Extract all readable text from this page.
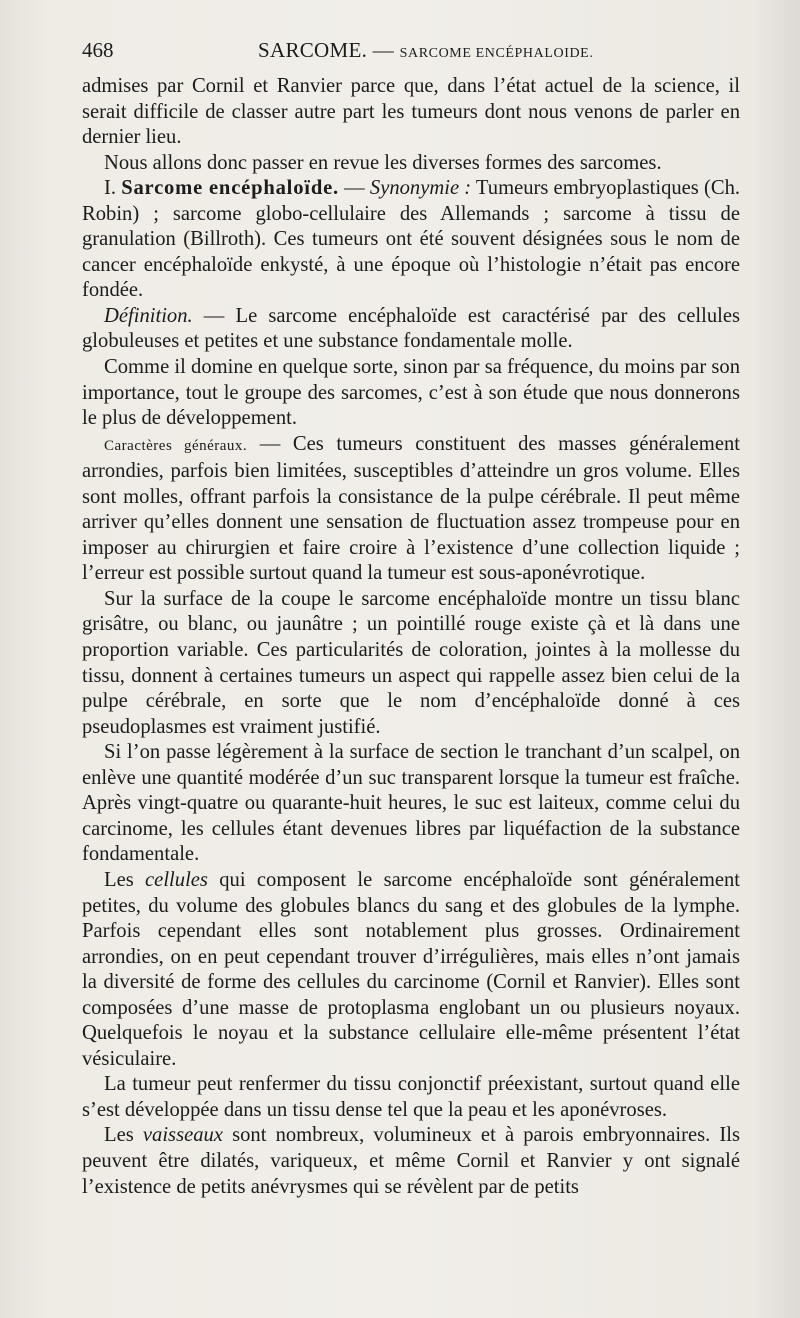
468	SARCOME. — SARCOME ENCÉPHALOIDE.

admises par Cornil et Ranvier parce que, dans l’état actuel de la science, il serait difficile de classer autre part les tumeurs dont nous venons de parler en dernier lieu.

Nous allons donc passer en revue les diverses formes des sarcomes.

I. Sarcome encéphaloïde. — Synonymie : Tumeurs embryoplastiques (Ch. Robin) ; sarcome globo-cellulaire des Allemands ; sarcome à tissu de granulation (Billroth). Ces tumeurs ont été souvent désignées sous le nom de cancer encéphaloïde enkysté, à une époque où l’histologie n’était pas encore fondée.

Définition. — Le sarcome encéphaloïde est caractérisé par des cellules globuleuses et petites et une substance fondamentale molle.

Comme il domine en quelque sorte, sinon par sa fréquence, du moins par son importance, tout le groupe des sarcomes, c’est à son étude que nous donnerons le plus de développement.

Caractères généraux. — Ces tumeurs constituent des masses généralement arrondies, parfois bien limitées, susceptibles d’atteindre un gros volume. Elles sont molles, offrant parfois la consistance de la pulpe cérébrale. Il peut même arriver qu’elles donnent une sensation de fluctuation assez trompeuse pour en imposer au chirurgien et faire croire à l’existence d’une collection liquide ; l’erreur est possible surtout quand la tumeur est sous-aponévrotique.

Sur la surface de la coupe le sarcome encéphaloïde montre un tissu blanc grisâtre, ou blanc, ou jaunâtre ; un pointillé rouge existe çà et là dans une proportion variable. Ces particularités de coloration, jointes à la mollesse du tissu, donnent à certaines tumeurs un aspect qui rappelle assez bien celui de la pulpe cérébrale, en sorte que le nom d’encéphaloïde donné à ces pseudoplasmes est vraiment justifié.

Si l’on passe légèrement à la surface de section le tranchant d’un scalpel, on enlève une quantité modérée d’un suc transparent lorsque la tumeur est fraîche. Après vingt-quatre ou quarante-huit heures, le suc est laiteux, comme celui du carcinome, les cellules étant devenues libres par liquéfaction de la substance fondamentale.

Les cellules qui composent le sarcome encéphaloïde sont généralement petites, du volume des globules blancs du sang et des globules de la lymphe. Parfois cependant elles sont notablement plus grosses. Ordinairement arrondies, on en peut cependant trouver d’irrégulières, mais elles n’ont jamais la diversité de forme des cellules du carcinome (Cornil et Ranvier). Elles sont composées d’une masse de protoplasma englobant un ou plusieurs noyaux. Quelquefois le noyau et la substance cellulaire elle-même présentent l’état vésiculaire.

La tumeur peut renfermer du tissu conjonctif préexistant, surtout quand elle s’est développée dans un tissu dense tel que la peau et les aponévroses.

Les vaisseaux sont nombreux, volumineux et à parois embryonnaires. Ils peuvent être dilatés, variqueux, et même Cornil et Ranvier y ont signalé l’existence de petits anévrysmes qui se révèlent par de petits
